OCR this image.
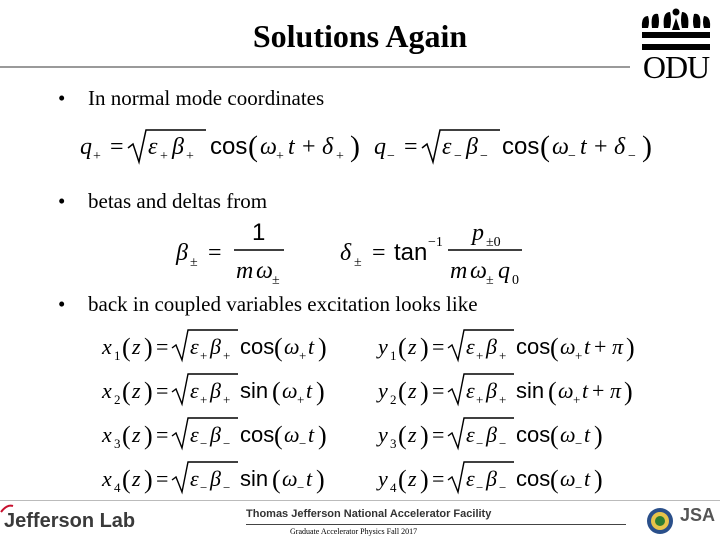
Solutions Again
ODU
• In normal mode coordinates
q + = ε + β + cos ( ω + t + δ + ) q − = ε − β − cos ( ω − t + δ − )
• betas and deltas from
β ± =
1
m ω ±
δ ± = tan −1 p ±0
m ω ± q 0
• back in coupled variables excitation looks like
x 1 ( z ) = ε + β + cos ( ω + t ) y 1 ( z ) = ε + β + cos ( ω + t + π )
x 2 ( z ) = ε + β + sin ( ω + t ) y 2 ( z ) = ε + β + sin ( ω + t + π )
x 3 ( z ) = ε − β − cos ( ω − t ) y 3 ( z ) = ε − β − cos ( ω − t )
x 4 ( z ) = ε − β − sin ( ω − t ) y 4 ( z ) = ε − β − cos ( ω − t )
Jefferson Lab	Thomas Jefferson National Accelerator Facility
Graduate Accelerator Physics Fall 2017
JSA
